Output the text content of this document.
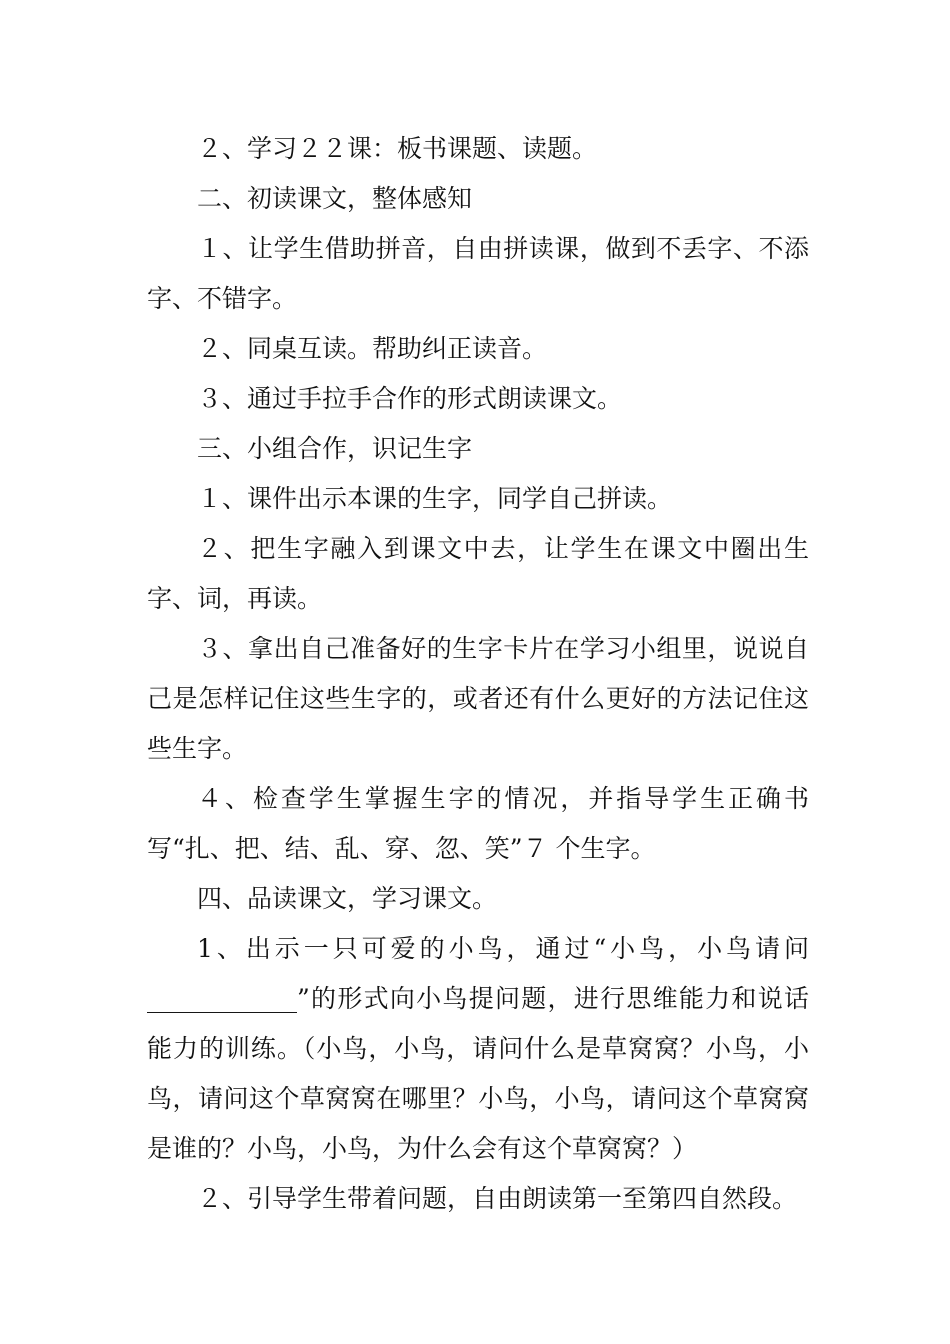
２、学习２２课：板书课题、读题。

二、初读课文，整体感知

１、让学生借助拼音，自由拼读课，做到不丢字、不添字、不错字。

２、同桌互读。帮助纠正读音。

３、通过手拉手合作的形式朗读课文。

三、小组合作，识记生字

１、课件出示本课的生字，同学自己拼读。

２、把生字融入到课文中去，让学生在课文中圈出生字、词，再读。

３、拿出自己准备好的生字卡片在学习小组里，说说自己是怎样记住这些生字的，或者还有什么更好的方法记住这些生字。

４、检查学生掌握生字的情况，并指导学生正确书写“扎、把、结、乱、穿、忽、笑”７ 个生字。

四、品读课文，学习课文。

1、出示一只可爱的小鸟，通过“小鸟，小鸟请问____________”的形式向小鸟提问题，进行思维能力和说话能力的训练。（小鸟，小鸟，请问什么是草窝窝？小鸟，小鸟，请问这个草窝窝在哪里？小鸟，小鸟，请问这个草窝窝是谁的？小鸟，小鸟，为什么会有这个草窝窝？）

２、引导学生带着问题，自由朗读第一至第四自然段。
